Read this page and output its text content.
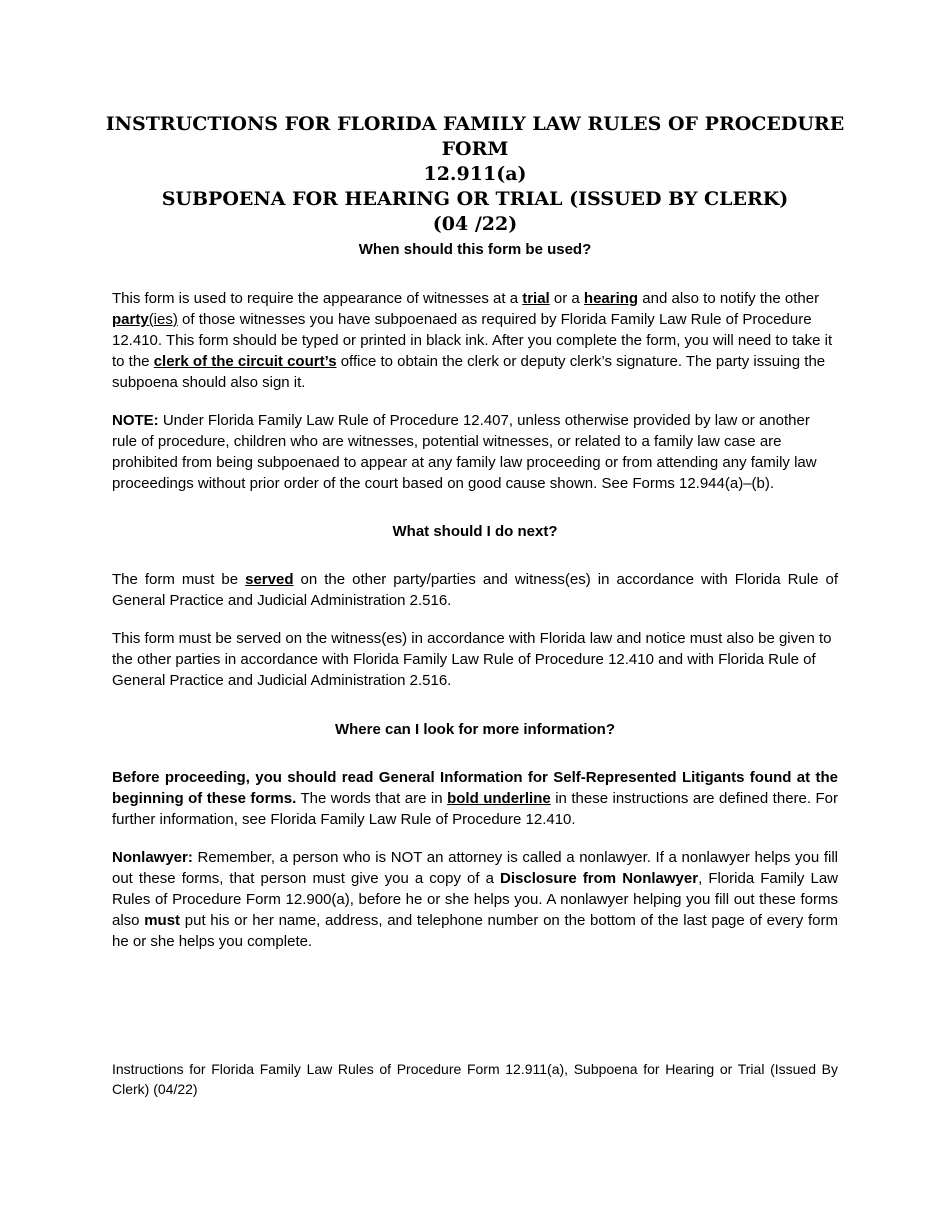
INSTRUCTIONS FOR FLORIDA FAMILY LAW RULES OF PROCEDURE FORM
12.911(a)
SUBPOENA FOR HEARING OR TRIAL (ISSUED BY CLERK)
(04 /22)
When should this form be used?

This form is used to require the appearance of witnesses at a trial or a hearing and also to notify the other party(ies) of those witnesses you have subpoenaed as required by Florida Family Law Rule of Procedure 12.410. This form should be typed or printed in black ink. After you complete the form, you will need to take it to the clerk of the circuit court’s office to obtain the clerk or deputy clerk’s signature. The party issuing the subpoena should also sign it.

NOTE: Under Florida Family Law Rule of Procedure 12.407, unless otherwise provided by law or another rule of procedure, children who are witnesses, potential witnesses, or related to a family law case are prohibited from being subpoenaed to appear at any family law proceeding or from attending any family law proceedings without prior order of the court based on good cause shown. See Forms 12.944(a)–(b).

What should I do next?

The form must be served on the other party/parties and witness(es) in accordance with Florida Rule of General Practice and Judicial Administration 2.516.

This form must be served on the witness(es) in accordance with Florida law and notice must also be given to the other parties in accordance with Florida Family Law Rule of Procedure 12.410 and with Florida Rule of General Practice and Judicial Administration 2.516.

Where can I look for more information?

Before proceeding, you should read General Information for Self-Represented Litigants found at the beginning of these forms. The words that are in bold underline in these instructions are defined there. For further information, see Florida Family Law Rule of Procedure 12.410.

Nonlawyer: Remember, a person who is NOT an attorney is called a nonlawyer. If a nonlawyer helps you fill out these forms, that person must give you a copy of a Disclosure from Nonlawyer, Florida Family Law Rules of Procedure Form 12.900(a), before he or she helps you. A nonlawyer helping you fill out these forms also must put his or her name, address, and telephone number on the bottom of the last page of every form he or she helps you complete.

Instructions for Florida Family Law Rules of Procedure Form 12.911(a), Subpoena for Hearing or Trial (Issued By Clerk) (04/22)
